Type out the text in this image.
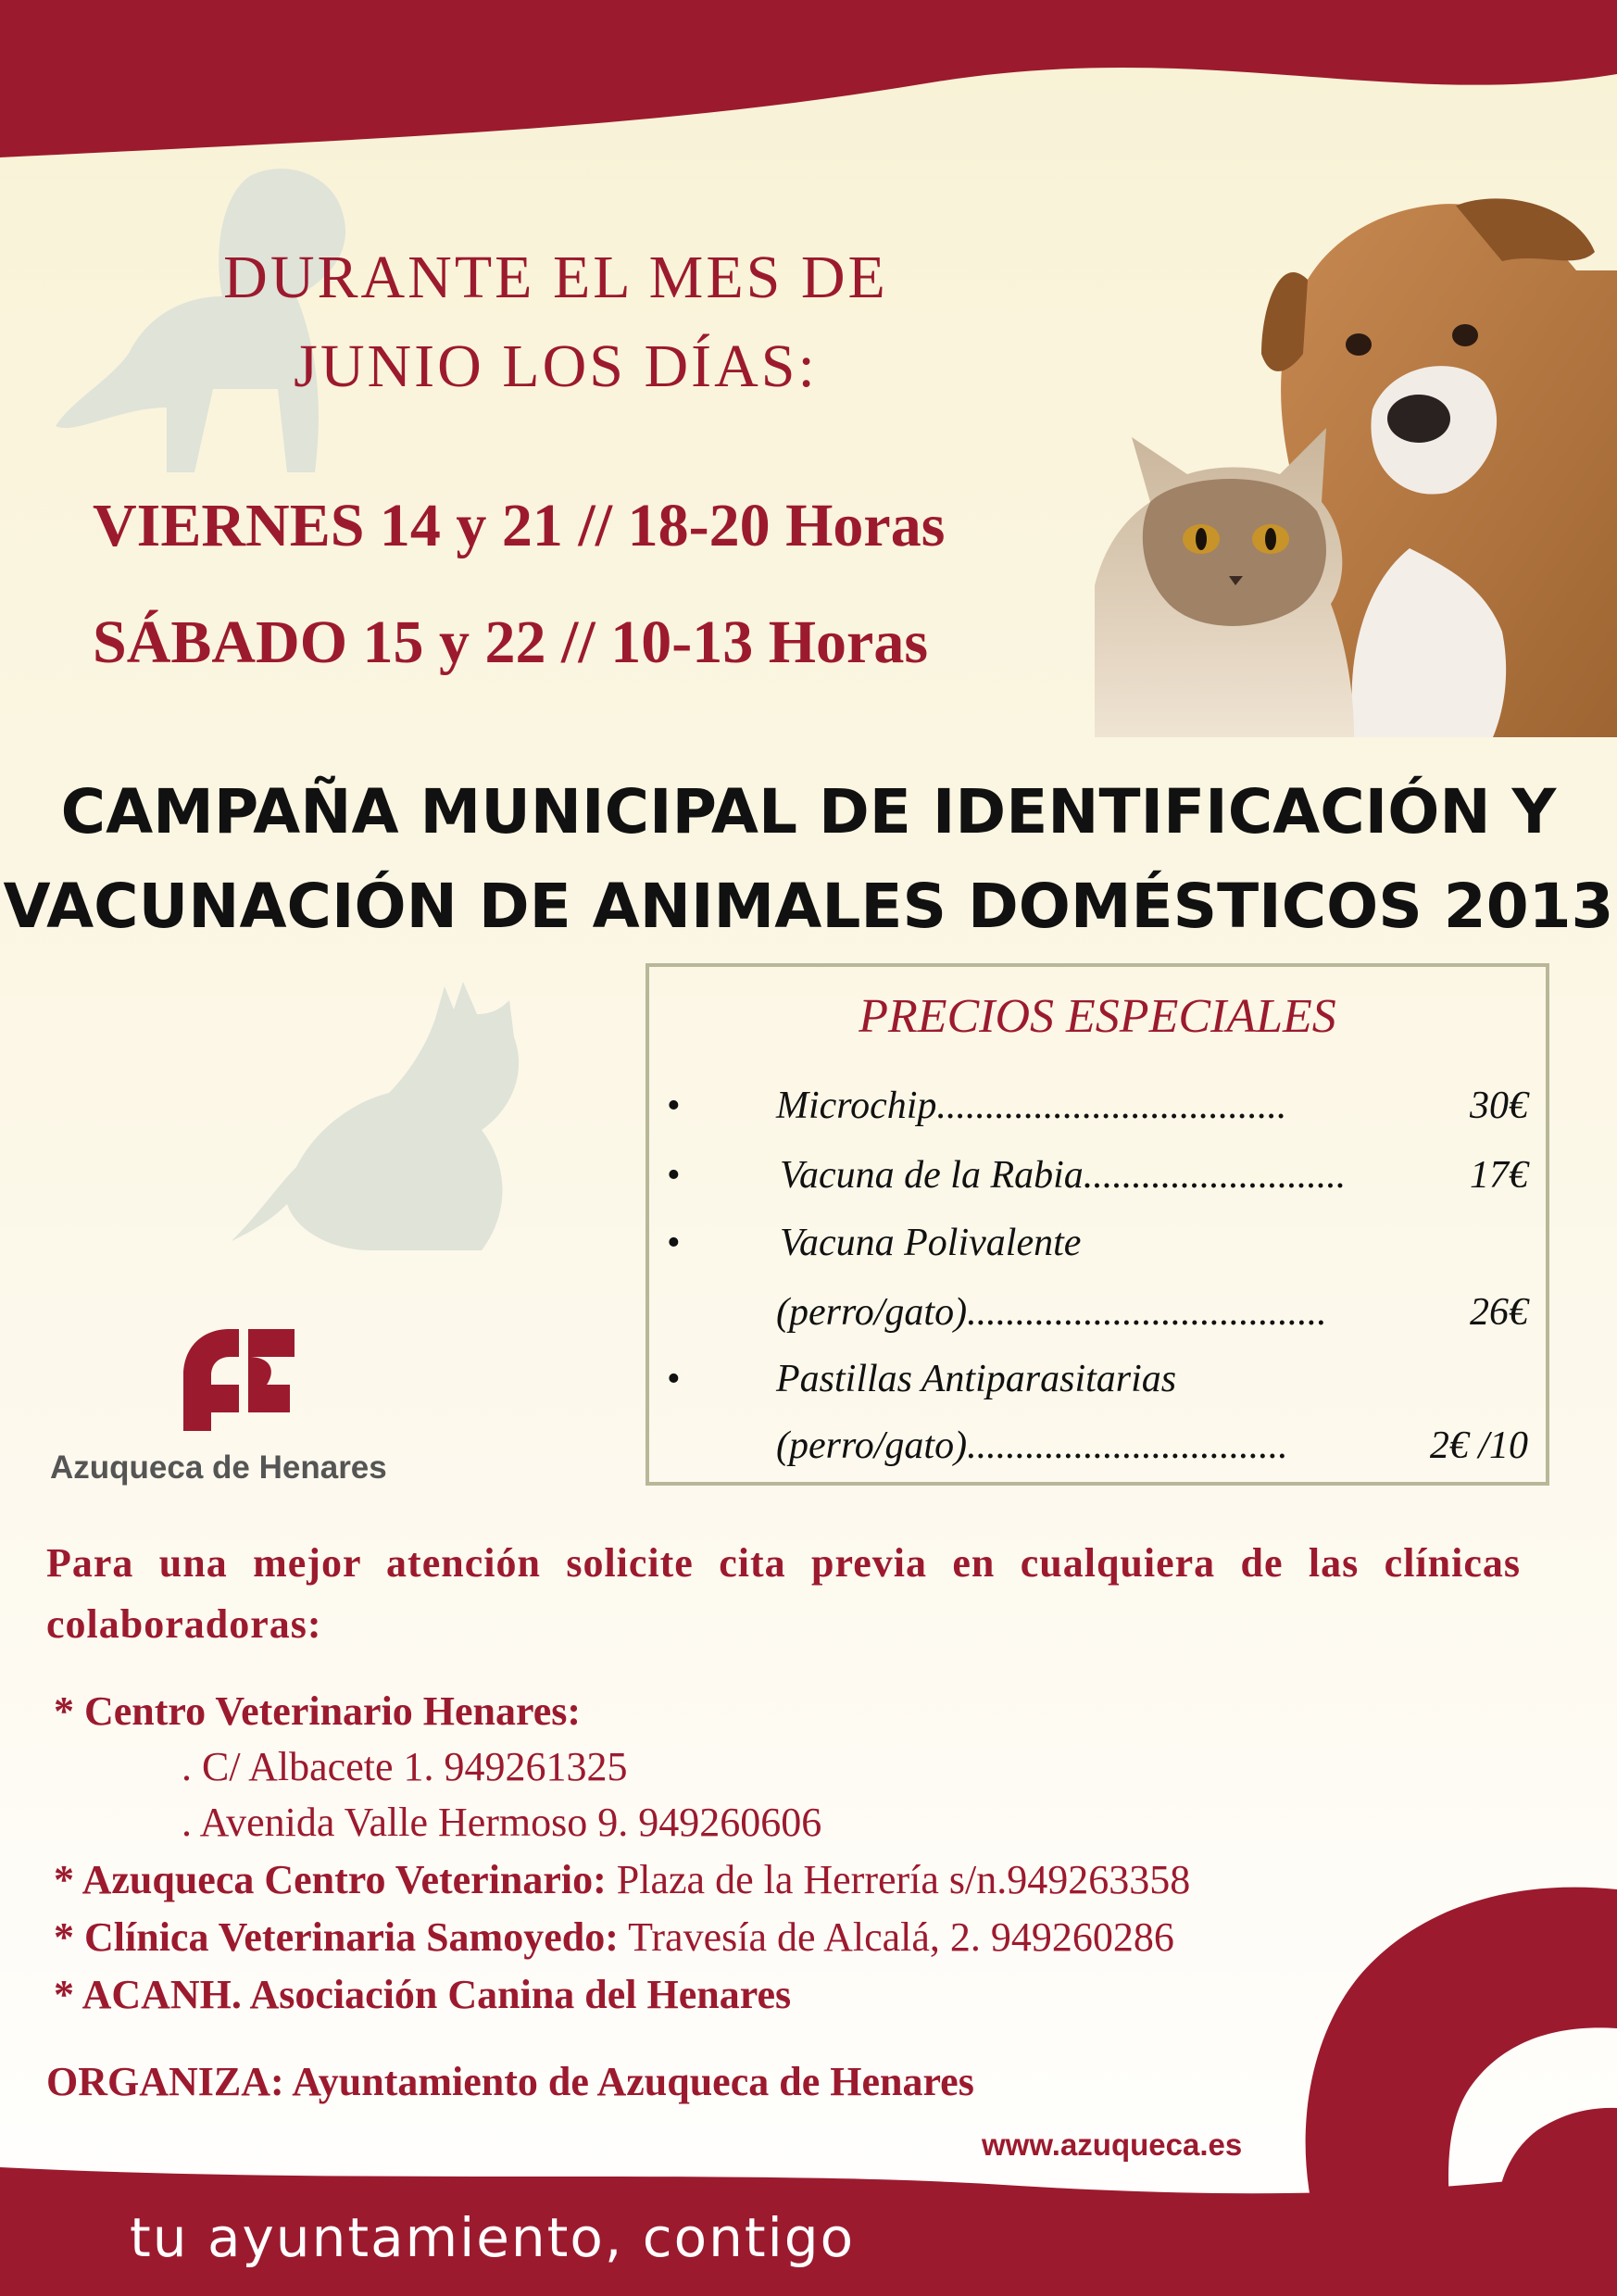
DURANTE EL MES DE
JUNIO LOS DÍAS:
VIERNES 14 y 21 // 18-20 Horas
SÁBADO 15 y 22 // 10-13 Horas
CAMPAÑA MUNICIPAL DE IDENTIFICACIÓN Y
VACUNACIÓN DE ANIMALES DOMÉSTICOS 2013
Azuqueca de Henares
PRECIOS ESPECIALES
• Microchip....................................	30€
•	Vacuna de la Rabia...........................	17€
•	Vacuna Polivalente
(perro/gato).....................................	26€
• Pastillas Antiparasitarias
(perro/gato).................................	2€ /10
Para una mejor atención solicite cita previa en cualquiera de las clínicas
colaboradoras:
* Centro Veterinario Henares:
. C/ Albacete 1. 949261325
. Avenida Valle Hermoso 9. 949260606
* Azuqueca Centro Veterinario: Plaza de la Herrería s/n.949263358
* Clínica Veterinaria Samoyedo: Travesía de Alcalá, 2. 949260286
* ACANH. Asociación Canina del Henares
ORGANIZA: Ayuntamiento de Azuqueca de Henares
www.azuqueca.es
tu ayuntamiento, contigo
